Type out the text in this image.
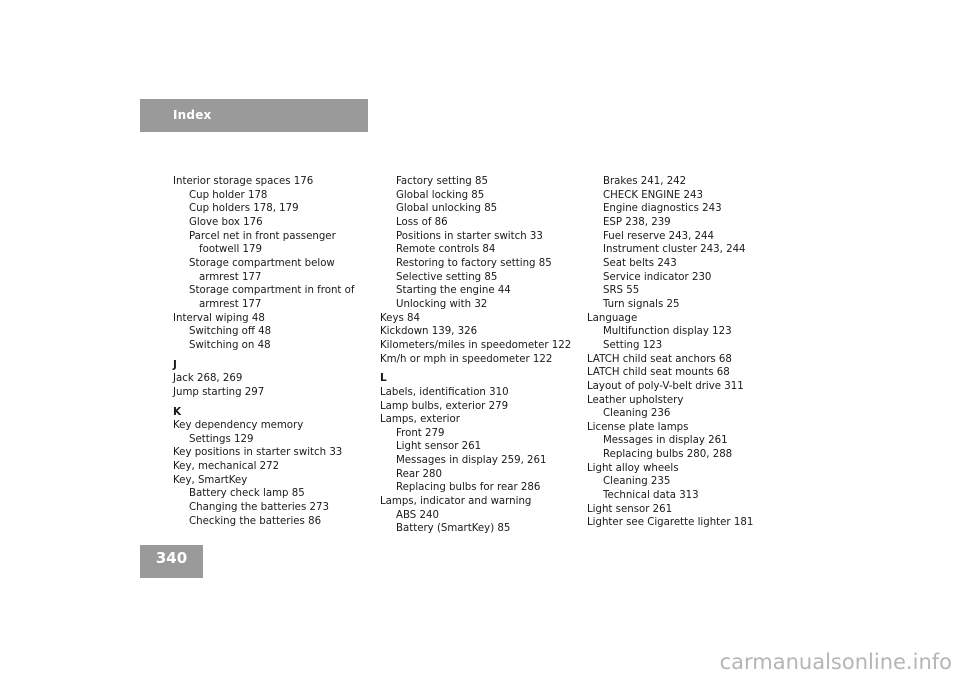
Index
Interior storage spaces 176
Cup holder 178
Cup holders 178, 179
Glove box 176
Parcel net in front passenger
footwell 179
Storage compartment below
armrest 177
Storage compartment in front of
armrest 177
Interval wiping 48
Switching off 48
Switching on 48
J
Jack 268, 269
Jump starting 297
K
Key dependency memory
Settings 129
Key positions in starter switch 33
Key, mechanical 272
Key, SmartKey
Battery check lamp 85
Changing the batteries 273
Checking the batteries 86
Factory setting 85
Global locking 85
Global unlocking 85
Loss of 86
Positions in starter switch 33
Remote controls 84
Restoring to factory setting 85
Selective setting 85
Starting the engine 44
Unlocking with 32
Keys 84
Kickdown 139, 326
Kilometers/miles in speedometer 122
Km/h or mph in speedometer 122
L
Labels, identification 310
Lamp bulbs, exterior 279
Lamps, exterior
Front 279
Light sensor 261
Messages in display 259, 261
Rear 280
Replacing bulbs for rear 286
Lamps, indicator and warning
ABS 240
Battery (SmartKey) 85
Brakes 241, 242
CHECK ENGINE 243
Engine diagnostics 243
ESP 238, 239
Fuel reserve 243, 244
Instrument cluster 243, 244
Seat belts 243
Service indicator 230
SRS 55
Turn signals 25
Language
Multifunction display 123
Setting 123
LATCH child seat anchors 68
LATCH child seat mounts 68
Layout of poly-V-belt drive 311
Leather upholstery
Cleaning 236
License plate lamps
Messages in display 261
Replacing bulbs 280, 288
Light alloy wheels
Cleaning 235
Technical data 313
Light sensor 261
Lighter see Cigarette lighter 181
340
carmanualsonline.info
